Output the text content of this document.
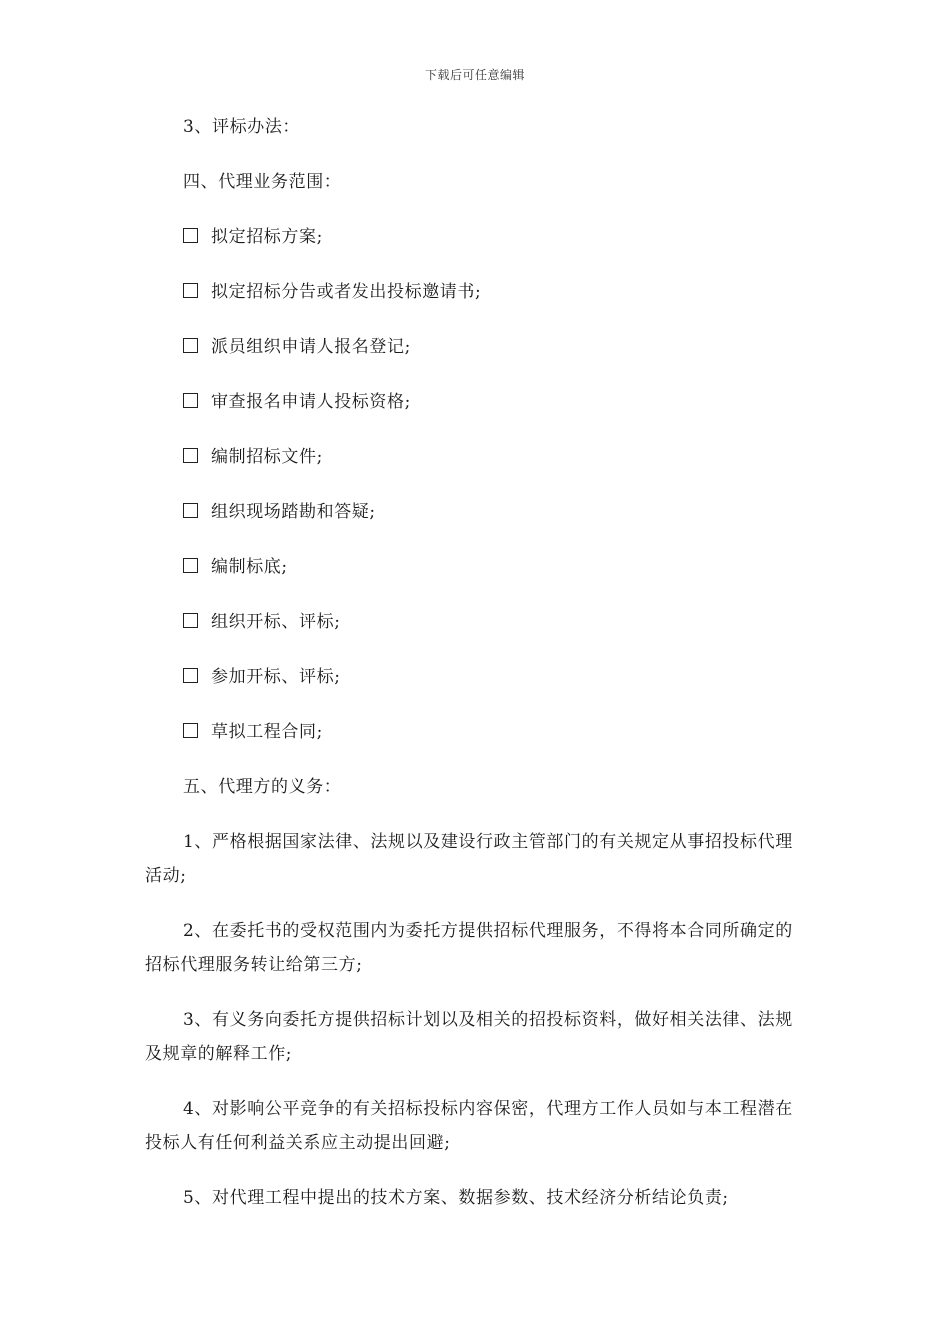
下载后可任意编辑

3、评标办法：

四、代理业务范围：

拟定招标方案;
拟定招标分告或者发出投标邀请书;
派员组织申请人报名登记;
审查报名申请人投标资格;
编制招标文件;
组织现场踏勘和答疑;
编制标底;
组织开标、评标;
参加开标、评标;
草拟工程合同;

五、代理方的义务：

1、严格根据国家法律、法规以及建设行政主管部门的有关规定从事招投标代理活动;

2、在委托书的受权范围内为委托方提供招标代理服务，不得将本合同所确定的招标代理服务转让给第三方;

3、有义务向委托方提供招标计划以及相关的招投标资料，做好相关法律、法规及规章的解释工作;

4、对影响公平竞争的有关招标投标内容保密，代理方工作人员如与本工程潜在投标人有任何利益关系应主动提出回避;

5、对代理工程中提出的技术方案、数据参数、技术经济分析结论负责;
